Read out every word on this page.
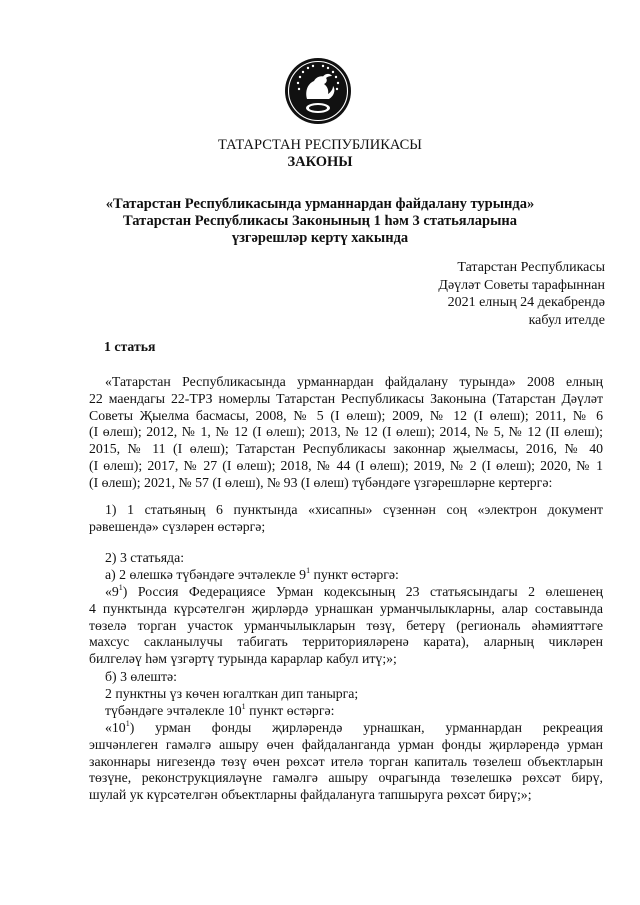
ТАТАРСТАН РЕСПУБЛИКАСЫ
ЗАКОНЫ
«Татарстан Республикасында урманнардан файдалану турында»
Татарстан Республикасы Законының 1 һәм 3 статьяларына
үзгәрешләр кертү хакында
Татарстан Республикасы
Дәүләт Советы тарафыннан
2021 елның 24 декабрендә
кабул ителде
1 статья
«Татарстан Республикасында урманнардан файдалану турында» 2008 елның
22 маендагы 22-ТРЗ номерлы Татарстан Республикасы Законына (Татарстан Дәүләт
Советы Җыелма басмасы, 2008, № 5 (I өлеш); 2009, № 12 (I өлеш); 2011, № 6
(I өлеш); 2012, № 1, № 12 (I өлеш); 2013, № 12 (I өлеш); 2014, № 5, № 12 (II өлеш);
2015, № 11 (I өлеш); Татарстан Республикасы законнар җыелмасы, 2016, № 40
(I өлеш); 2017, № 27 (I өлеш); 2018, № 44 (I өлеш); 2019, № 2 (I өлеш); 2020, № 1
(I өлеш); 2021, № 57 (I өлеш), № 93 (I өлеш) түбәндәге үзгәрешләрне кертергә:
1) 1 статьяның 6 пунктында «хисапны» сүзеннән соң «электрон документ
рәвешендә» сүзләрен өстәргә;
2) 3 статьяда:
а) 2 өлешкә түбәндәге эчтәлекле $9^1$ пункт өстәргә:
«$9^1$) Россия Федерациясе Урман кодексының 23 статьясындагы 2 өлешенең
4 пунктында күрсәтелгән җирләрдә урнашкан урманчылыкларны, алар составында
төзелә торган участок урманчылыкларын төзү, бетерү (региональ әһәмияттәге
махсус сакланылучы табигать территорияләренә карата), аларның чикләрен
билгеләү һәм үзгәртү турында карарлар кабул итү;»;
б) 3 өлештә:
2 пунктны үз көчен югалткан дип танырга;
түбәндәге эчтәлекле $10^1$ пункт өстәргә:
«$10^1$) урман фонды җирләрендә урнашкан, урманнардан рекреация
эшчәнлеген гамәлгә ашыру өчен файдаланганда урман фонды җирләрендә урман
законнары нигезендә төзү өчен рөхсәт ителә торган капиталь төзелеш объектларын
төзүне, реконструкцияләүне гамәлгә ашыру очрагында төзелешкә рөхсәт бирү,
шулай ук күрсәтелгән объектларны файдалануга тапшыруга рөхсәт бирү;»;
